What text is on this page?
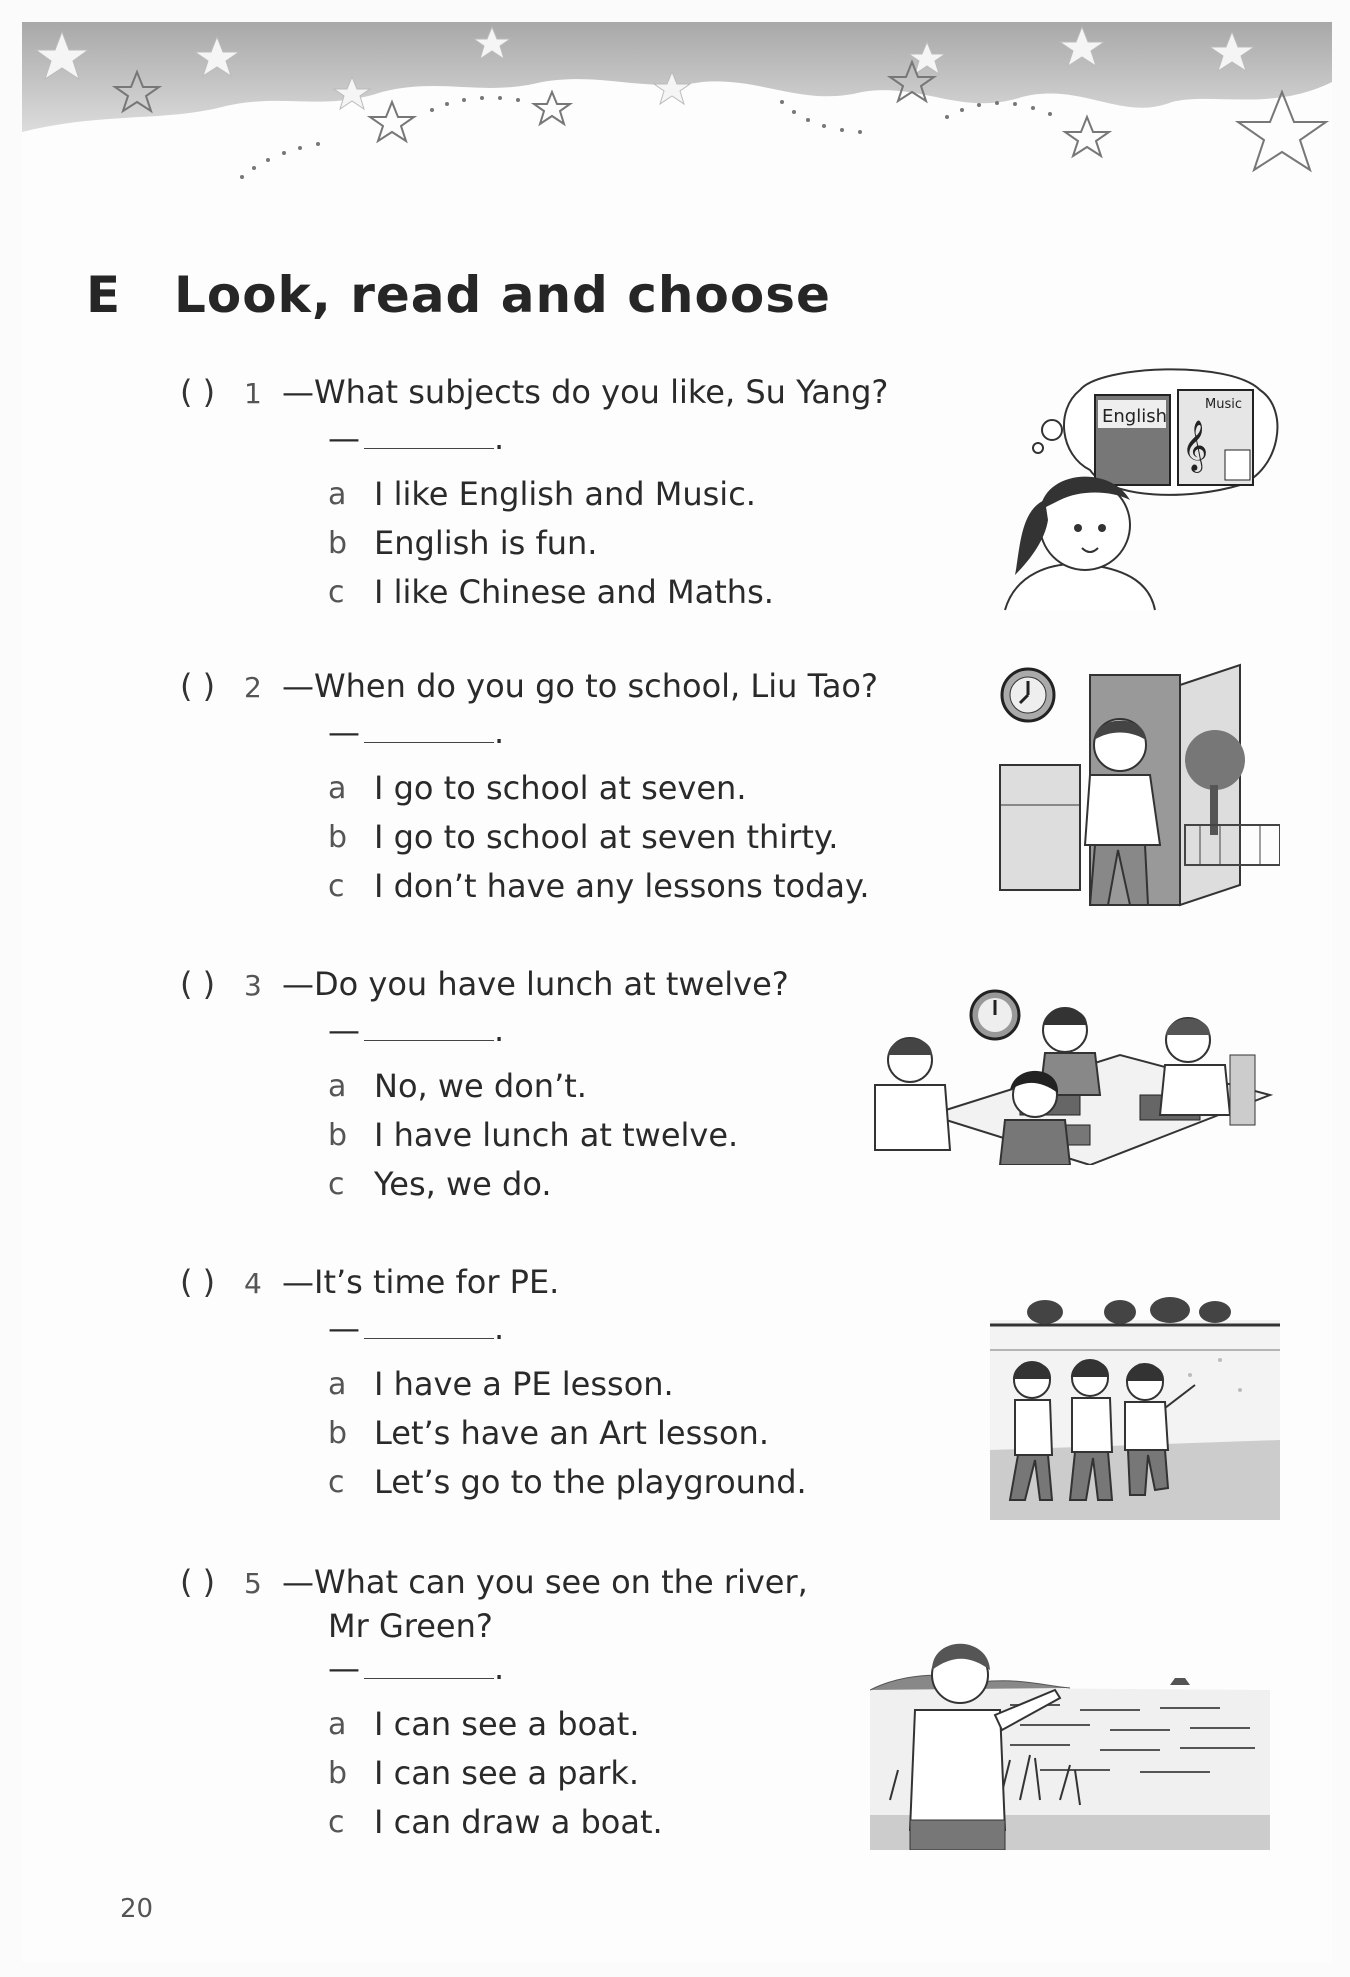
E	Look, read and choose
( )	1 —What subjects do you like, Su Yang?
—	.
a I like English and Music.
b English is fun.
c I like Chinese and Maths.
English
Music
𝄞
( )	2 —When do you go to school, Liu Tao?
—	.
a I go to school at seven.
b I go to school at seven thirty.
c I don’t have any lessons today.
( )	3 —Do you have lunch at twelve?
—	.
a No, we don’t.
b I have lunch at twelve.
c Yes, we do.
( )	4 —It’s time for PE.
—	.
a I have a PE lesson.
b Let’s have an Art lesson.
c Let’s go to the playground.
( )	5 —What can you see on the river,
Mr Green?
—	.
a I can see a boat.
b I can see a park.
c I can draw a boat.
20
